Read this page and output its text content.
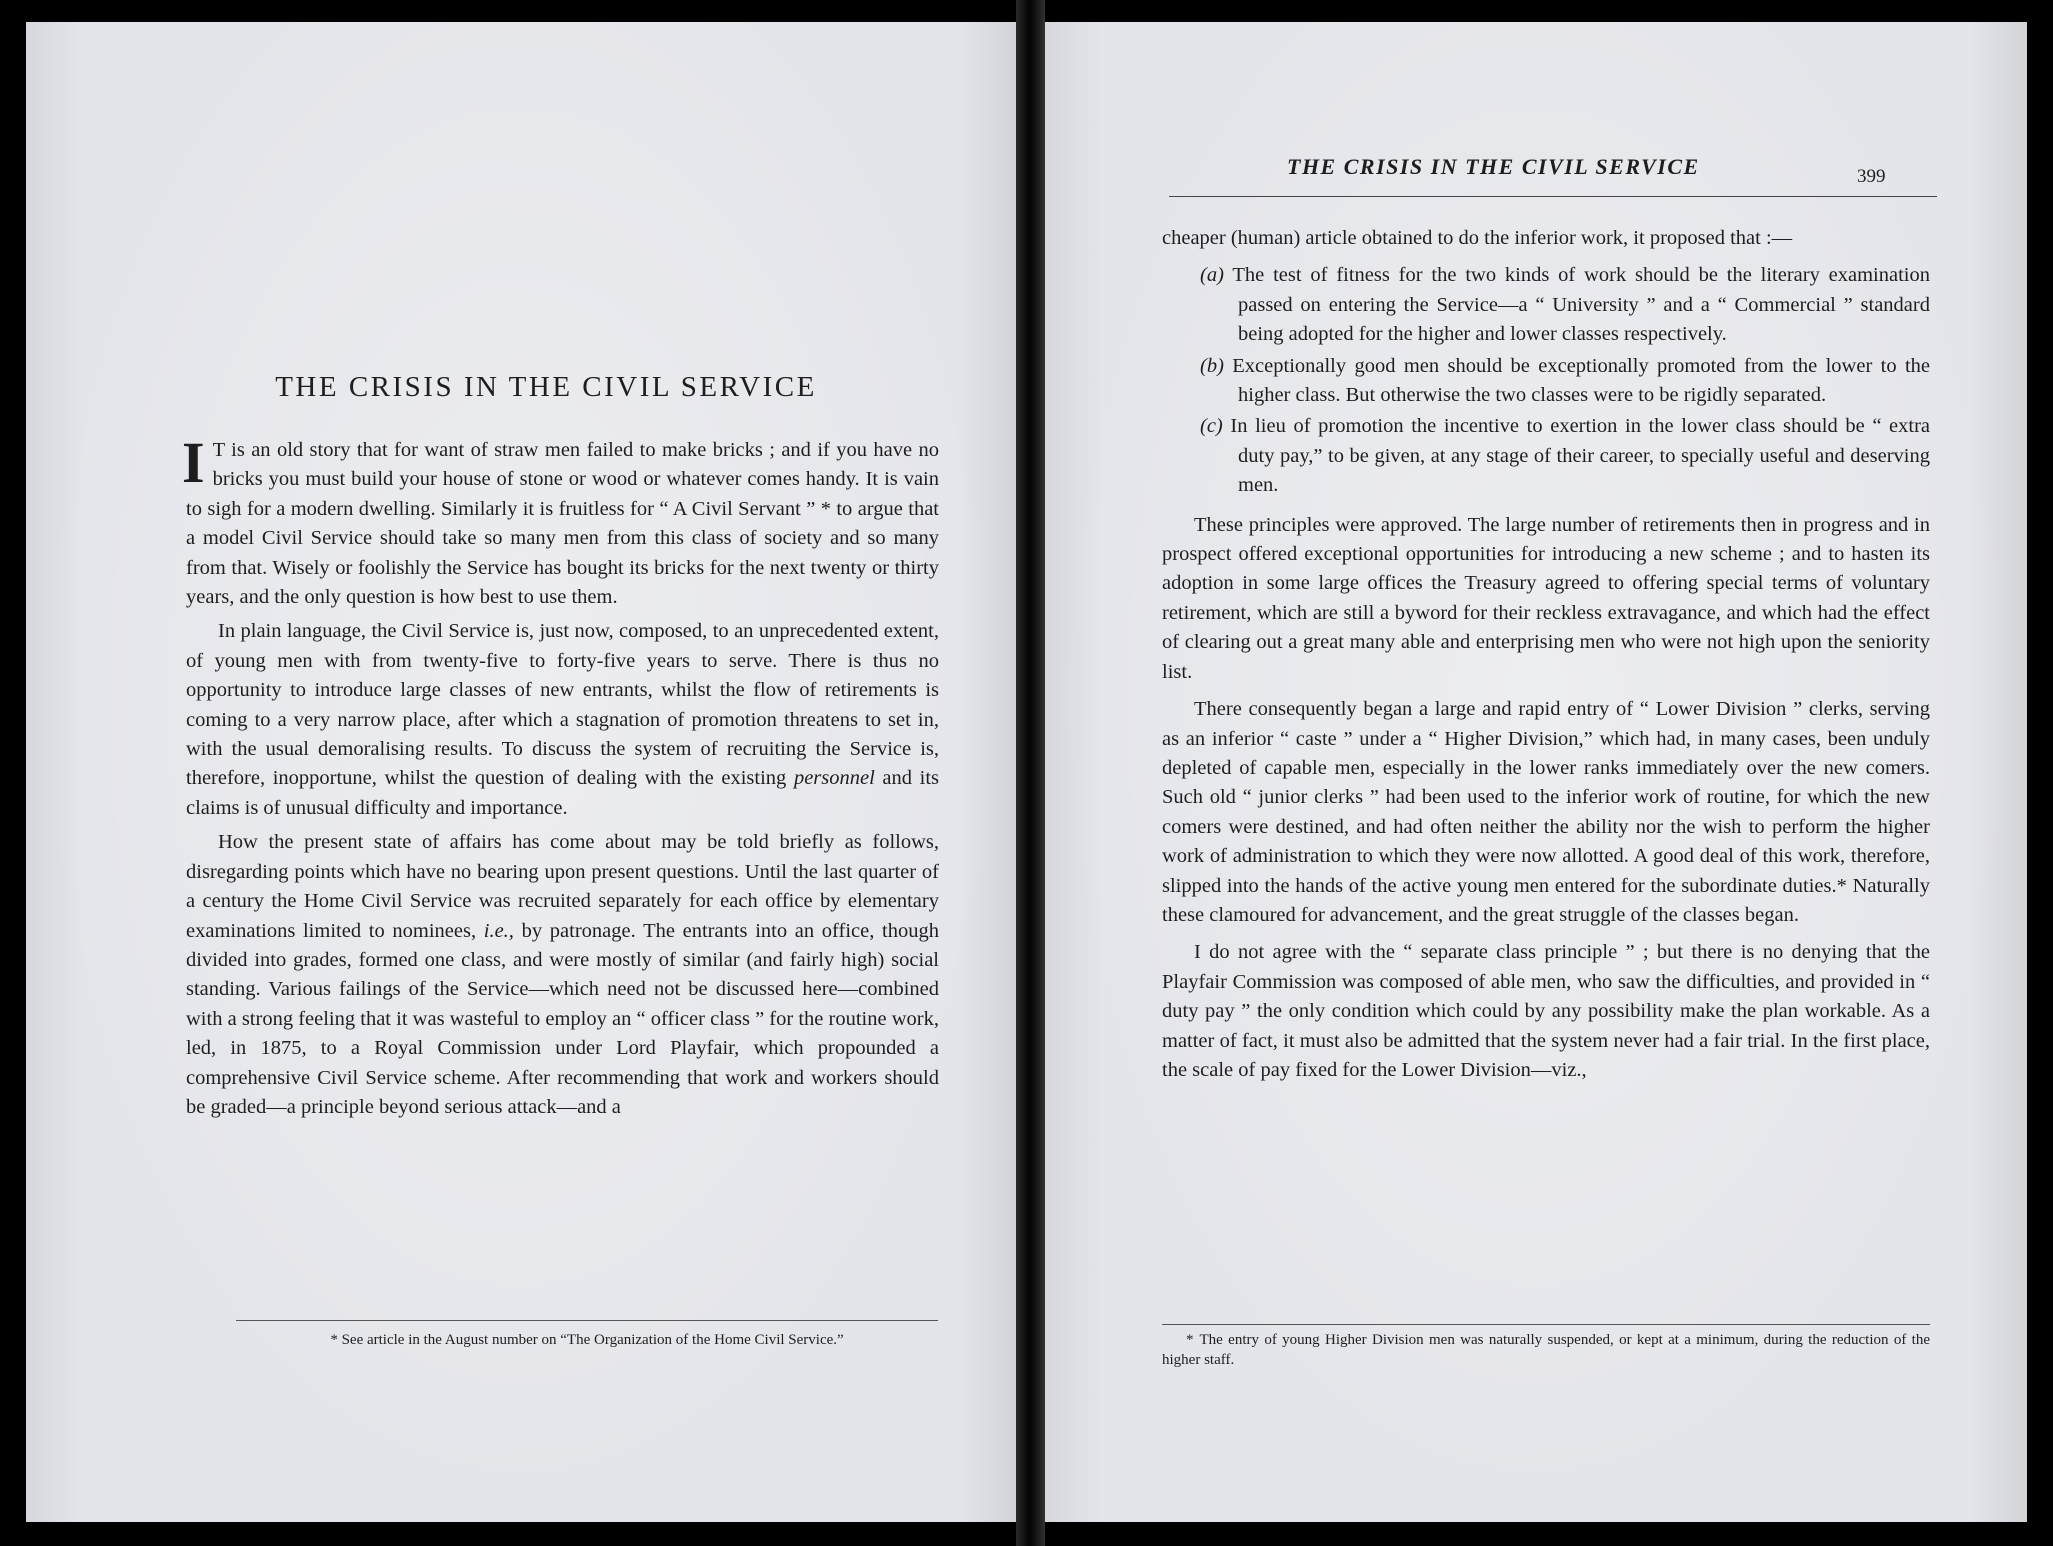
THE CRISIS IN THE CIVIL SERVICE

I T is an old story that for want of straw men failed to make bricks ; and if you have no bricks you must build your house of stone or wood or whatever comes handy. It is vain to sigh for a modern dwelling. Similarly it is fruitless for “ A Civil Servant ” * to argue that a model Civil Service should take so many men from this class of society and so many from that. Wisely or foolishly the Service has bought its bricks for the next twenty or thirty years, and the only question is how best to use them.

In plain language, the Civil Service is, just now, composed, to an unprecedented extent, of young men with from twenty-five to forty-five years to serve. There is thus no opportunity to introduce large classes of new entrants, whilst the flow of retirements is coming to a very narrow place, after which a stagnation of promotion threatens to set in, with the usual demoralising results. To discuss the system of recruiting the Service is, therefore, inopportune, whilst the question of dealing with the existing personnel and its claims is of unusual difficulty and importance.

How the present state of affairs has come about may be told briefly as follows, disregarding points which have no bearing upon present questions. Until the last quarter of a century the Home Civil Service was recruited separately for each office by elementary examinations limited to nominees, i.e., by patronage. The entrants into an office, though divided into grades, formed one class, and were mostly of similar (and fairly high) social standing. Various failings of the Service—which need not be discussed here—combined with a strong feeling that it was wasteful to employ an “ officer class ” for the routine work, led, in 1875, to a Royal Commission under Lord Playfair, which propounded a comprehensive Civil Service scheme. After recommending that work and workers should be graded—a principle beyond serious attack—and a

* See article in the August number on “The Organization of the Home Civil Service.”
THE CRISIS IN THE CIVIL SERVICE	399

cheaper (human) article obtained to do the inferior work, it proposed that :—

(a) The test of fitness for the two kinds of work should be the literary examination passed on entering the Service—a “ University ” and a “ Commercial ” standard being adopted for the higher and lower classes respectively.

(b) Exceptionally good men should be exceptionally promoted from the lower to the higher class. But otherwise the two classes were to be rigidly separated.

(c) In lieu of promotion the incentive to exertion in the lower class should be “ extra duty pay,” to be given, at any stage of their career, to specially useful and deserving men.

These principles were approved. The large number of retirements then in progress and in prospect offered exceptional opportunities for introducing a new scheme ; and to hasten its adoption in some large offices the Treasury agreed to offering special terms of voluntary retirement, which are still a byword for their reckless extravagance, and which had the effect of clearing out a great many able and enterprising men who were not high upon the seniority list.

There consequently began a large and rapid entry of “ Lower Division ” clerks, serving as an inferior “ caste ” under a “ Higher Division,” which had, in many cases, been unduly depleted of capable men, especially in the lower ranks immediately over the new comers. Such old “ junior clerks ” had been used to the inferior work of routine, for which the new comers were destined, and had often neither the ability nor the wish to perform the higher work of administration to which they were now allotted. A good deal of this work, therefore, slipped into the hands of the active young men entered for the subordinate duties.* Naturally these clamoured for advancement, and the great struggle of the classes began.

I do not agree with the “ separate class principle ” ; but there is no denying that the Playfair Commission was composed of able men, who saw the difficulties, and provided in “ duty pay ” the only condition which could by any possibility make the plan workable. As a matter of fact, it must also be admitted that the system never had a fair trial. In the first place, the scale of pay fixed for the Lower Division—viz.,

* The entry of young Higher Division men was naturally suspended, or kept at a minimum, during the reduction of the higher staff.
